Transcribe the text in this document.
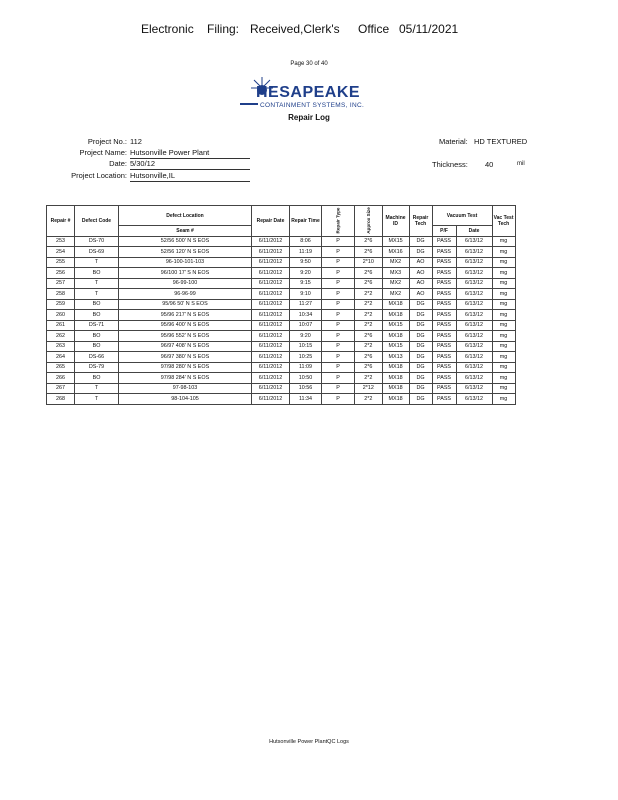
Electronic Filing: Received,Clerk's Office 05/11/2021
Page 30 of 40
HESAPEAKE
CONTAINMENT SYSTEMS, INC.
Repair Log
Project No.: 112
Project Name: Hutsonville Power Plant
Date: 5/30/12
Project Location: Hutsonville,IL
Material: HD TEXTURED
Thickness: 40	mil
Repair #	Defect Code	Defect Location	Repair Date	Repair Time	Repair Type	Approx Size	Machine ID	Repair Tech	Vacuum Test		Vac Test Tech
		Seam #							P/F	Date	
253	DS-70	52/56 500' N S EOS	6/11/2012	8:06	P	2*6	MX15	DG	PASS	6/13/12	mg
254	DS-69	52/56 120' N S EOS	6/11/2012	11:19	P	2*6	MX16	DG	PASS	6/13/12	mg
255	T	96-100-101-103	6/11/2012	9:50	P	2*10	MX2	AO	PASS	6/13/12	mg
256	BO	96/100 17' S N EOS	6/11/2012	9:20	P	2*6	MX3	AO	PASS	6/13/12	mg
257	T	96-99-100	6/11/2012	9:15	P	2*6	MX2	AO	PASS	6/13/12	mg
258	T	96-96-99	6/11/2012	9:10	P	2*2	MX2	AO	PASS	6/13/12	mg
259	BO	95/96 50' N S EOS	6/11/2012	11:27	P	2*2	MX18	DG	PASS	6/13/12	mg
260	BO	95/96 217' N S EOS	6/11/2012	10:34	P	2*2	MX18	DG	PASS	6/13/12	mg
261	DS-71	95/96 400' N S EOS	6/11/2012	10:07	P	2*2	MX15	DG	PASS	6/13/12	mg
262	BO	95/96 552' N S EOS	6/11/2012	9:20	P	2*6	MX18	DG	PASS	6/13/12	mg
263	BO	96/97 408' N S EOS	6/11/2012	10:15	P	2*2	MX15	DG	PASS	6/13/12	mg
264	DS-66	96/97 380' N S EOS	6/11/2012	10:25	P	2*6	MX13	DG	PASS	6/13/12	mg
265	DS-79	97/98 280' N S EOS	6/11/2012	11:09	P	2*6	MX18	DG	PASS	6/13/12	mg
266	BO	97/98 284' N S EOS	6/11/2012	10:50	P	2*2	MX18	DG	PASS	6/13/12	mg
267	T	97-98-103	6/11/2012	10:56	P	2*12	MX18	DG	PASS	6/13/12	mg
268	T	98-104-105	6/11/2012	11:34	P	2*2	MX18	DG	PASS	6/13/12	mg
Hutsonville Power PlantQC Logs
